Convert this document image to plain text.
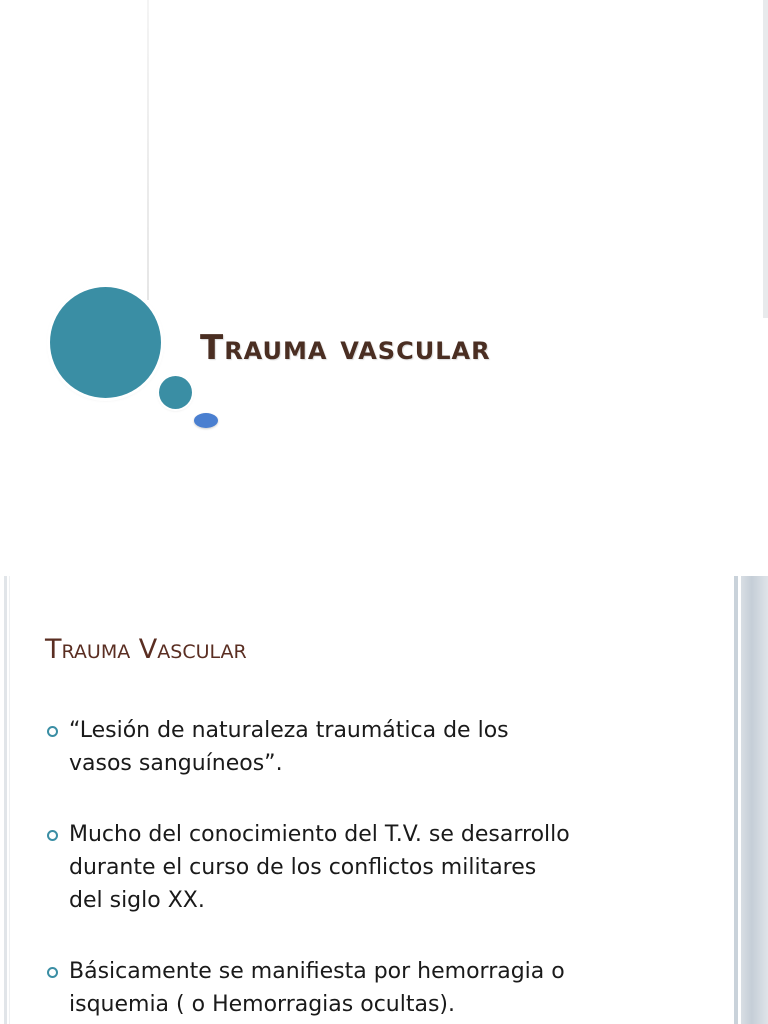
Trauma vascular
Trauma Vascular
“Lesión de naturaleza traumática de los
vasos sanguíneos”.
Mucho del conocimiento del T.V. se desarrollo
durante el curso de los conflictos militares
del siglo XX.
Básicamente se manifiesta por hemorragia o
isquemia ( o Hemorragias ocultas).
